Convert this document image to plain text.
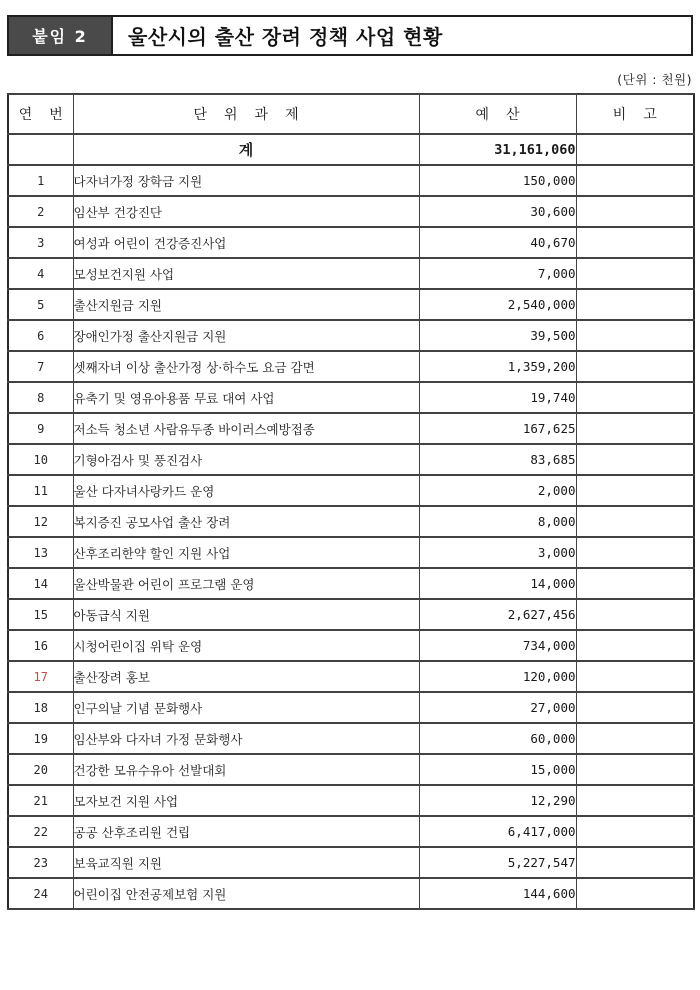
붙임 2	울산시의 출산 장려 정책 사업 현황
(단위 : 천원)
연 번	단 위 과 제	예 산	비 고
	계	31,161,060	
1	다자녀가정 장학금 지원	150,000	
2	임산부 건강진단	30,600	
3	여성과 어린이 건강증진사업	40,670	
4	모성보건지원 사업	7,000	
5	출산지원금 지원	2,540,000	
6	장애인가정 출산지원금 지원	39,500	
7	셋째자녀 이상 출산가정 상·하수도 요금 감면	1,359,200	
8	유축기 및 영유아용품 무료 대여 사업	19,740	
9	저소득 청소년 사람유두종 바이러스예방접종	167,625	
10	기형아검사 및 풍진검사	83,685	
11	울산 다자녀사랑카드 운영	2,000	
12	복지증진 공모사업 출산 장려	8,000	
13	산후조리한약 할인 지원 사업	3,000	
14	울산박물관 어린이 프로그램 운영	14,000	
15	아동급식 지원	2,627,456	
16	시청어린이집 위탁 운영	734,000	
17	출산장려 홍보	120,000	
18	인구의날 기념 문화행사	27,000	
19	임산부와 다자녀 가정 문화행사	60,000	
20	건강한 모유수유아 선발대회	15,000	
21	모자보건 지원 사업	12,290	
22	공공 산후조리원 건립	6,417,000	
23	보육교직원 지원	5,227,547	
24	어린이집 안전공제보험 지원	144,600	
